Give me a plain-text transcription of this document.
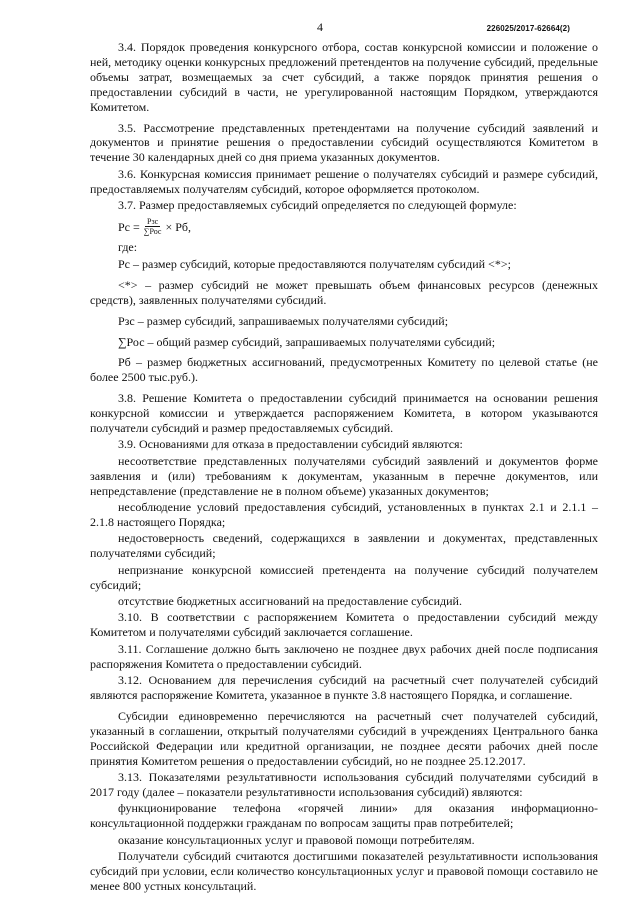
4	226025/2017-62664(2)

3.4. Порядок проведения конкурсного отбора, состав конкурсной комиссии и положение о ней, методику оценки конкурсных предложений претендентов на получение субсидий, предельные объемы затрат, возмещаемых за счет субсидий, а также порядок принятия решения о предоставлении субсидий в части, не урегулированной настоящим Порядком, утверждаются Комитетом.

3.5. Рассмотрение представленных претендентами на получение субсидий заявлений и документов и принятие решения о предоставлении субсидий осуществляются Комитетом в течение 30 календарных дней со дня приема указанных документов.

3.6. Конкурсная комиссия принимает решение о получателях субсидий и размере субсидий, предоставляемых получателям субсидий, которое оформляется протоколом.

3.7. Размер предоставляемых субсидий определяется по следующей формуле:

Рс = $\frac{\text{Рзс}}{\text{∑Рос}}$ × Рб,

где:

Рс – размер субсидий, которые предоставляются получателям субсидий <*>;

<*> – размер субсидий не может превышать объем финансовых ресурсов (денежных средств), заявленных получателями субсидий.

Рзс – размер субсидий, запрашиваемых получателями субсидий;

∑Рос – общий размер субсидий, запрашиваемых получателями субсидий;

Рб – размер бюджетных ассигнований, предусмотренных Комитету по целевой статье (не более 2500 тыс.руб.).

3.8. Решение Комитета о предоставлении субсидий принимается на основании решения конкурсной комиссии и утверждается распоряжением Комитета, в котором указываются получатели субсидий и размер предоставляемых субсидий.

3.9. Основаниями для отказа в предоставлении субсидий являются:

несоответствие представленных получателями субсидий заявлений и документов форме заявления и (или) требованиям к документам, указанным в перечне документов, или непредставление (представление не в полном объеме) указанных документов;

несоблюдение условий предоставления субсидий, установленных в пунктах 2.1 и 2.1.1 – 2.1.8 настоящего Порядка;

недостоверность сведений, содержащихся в заявлении и документах, представленных получателями субсидий;

непризнание конкурсной комиссией претендента на получение субсидий получателем субсидий;

отсутствие бюджетных ассигнований на предоставление субсидий.

3.10. В соответствии с распоряжением Комитета о предоставлении субсидий между Комитетом и получателями субсидий заключается соглашение.

3.11. Соглашение должно быть заключено не позднее двух рабочих дней после подписания распоряжения Комитета о предоставлении субсидий.

3.12. Основанием для перечисления субсидий на расчетный счет получателей субсидий являются распоряжение Комитета, указанное в пункте 3.8 настоящего Порядка, и соглашение.

Субсидии единовременно перечисляются на расчетный счет получателей субсидий, указанный в соглашении, открытый получателями субсидий в учреждениях Центрального банка Российской Федерации или кредитной организации, не позднее десяти рабочих дней после принятия Комитетом решения о предоставлении субсидий, но не позднее 25.12.2017.

3.13. Показателями результативности использования субсидий получателями субсидий в 2017 году (далее – показатели результативности использования субсидий) являются:

функционирование телефона «горячей линии» для оказания информационно-консультационной поддержки гражданам по вопросам защиты прав потребителей;

оказание консультационных услуг и правовой помощи потребителям.

Получатели субсидий считаются достигшими показателей результативности использования субсидий при условии, если количество консультационных услуг и правовой помощи составило не менее 800 устных консультаций.
